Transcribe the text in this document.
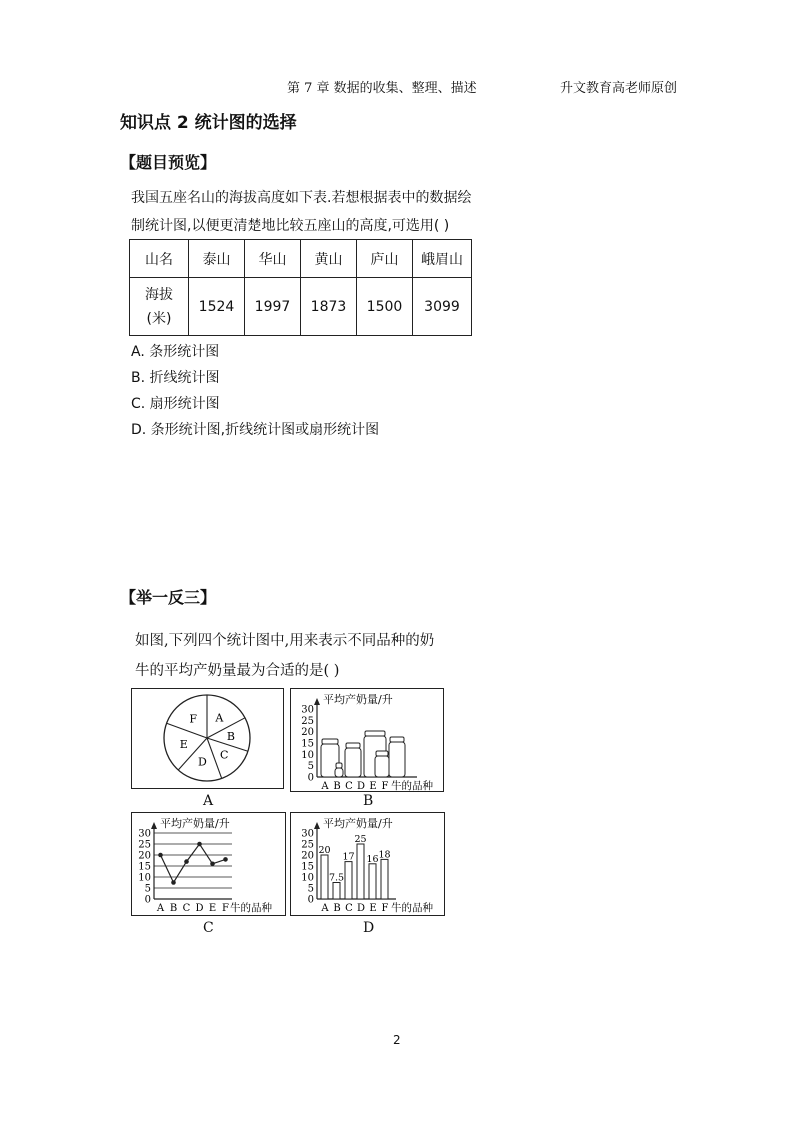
第 7 章 数据的收集、整理、描述	升文教育高老师原创
知识点 2 统计图的选择
【题目预览】
我国五座名山的海拔高度如下表.若想根据表中的数据绘
制统计图,以便更清楚地比较五座山的高度,可选用( )
山名	泰山	华山	黄山	庐山	峨眉山

海拔
(米)	1524	1997	1873	1500	3099
A. 条形统计图
B. 折线统计图
C. 扇形统计图
D. 条形统计图,折线统计图或扇形统计图
【举一反三】
如图,下列四个统计图中,用来表示不同品种的奶
牛的平均产奶量最为合适的是( )
A
B
C
D
E
F
A
0
5
10
15
20
25
30
平均产奶量/升
A B C D E F 牛的品种
B
0
5
10
15
20
25
30
平均产奶量/升
A B C D E F 牛的品种
C
0
5
10
15
20
25
30
平均产奶量/升
A B C D E F 牛的品种
20
7.5
17
25
16 18
D
2
